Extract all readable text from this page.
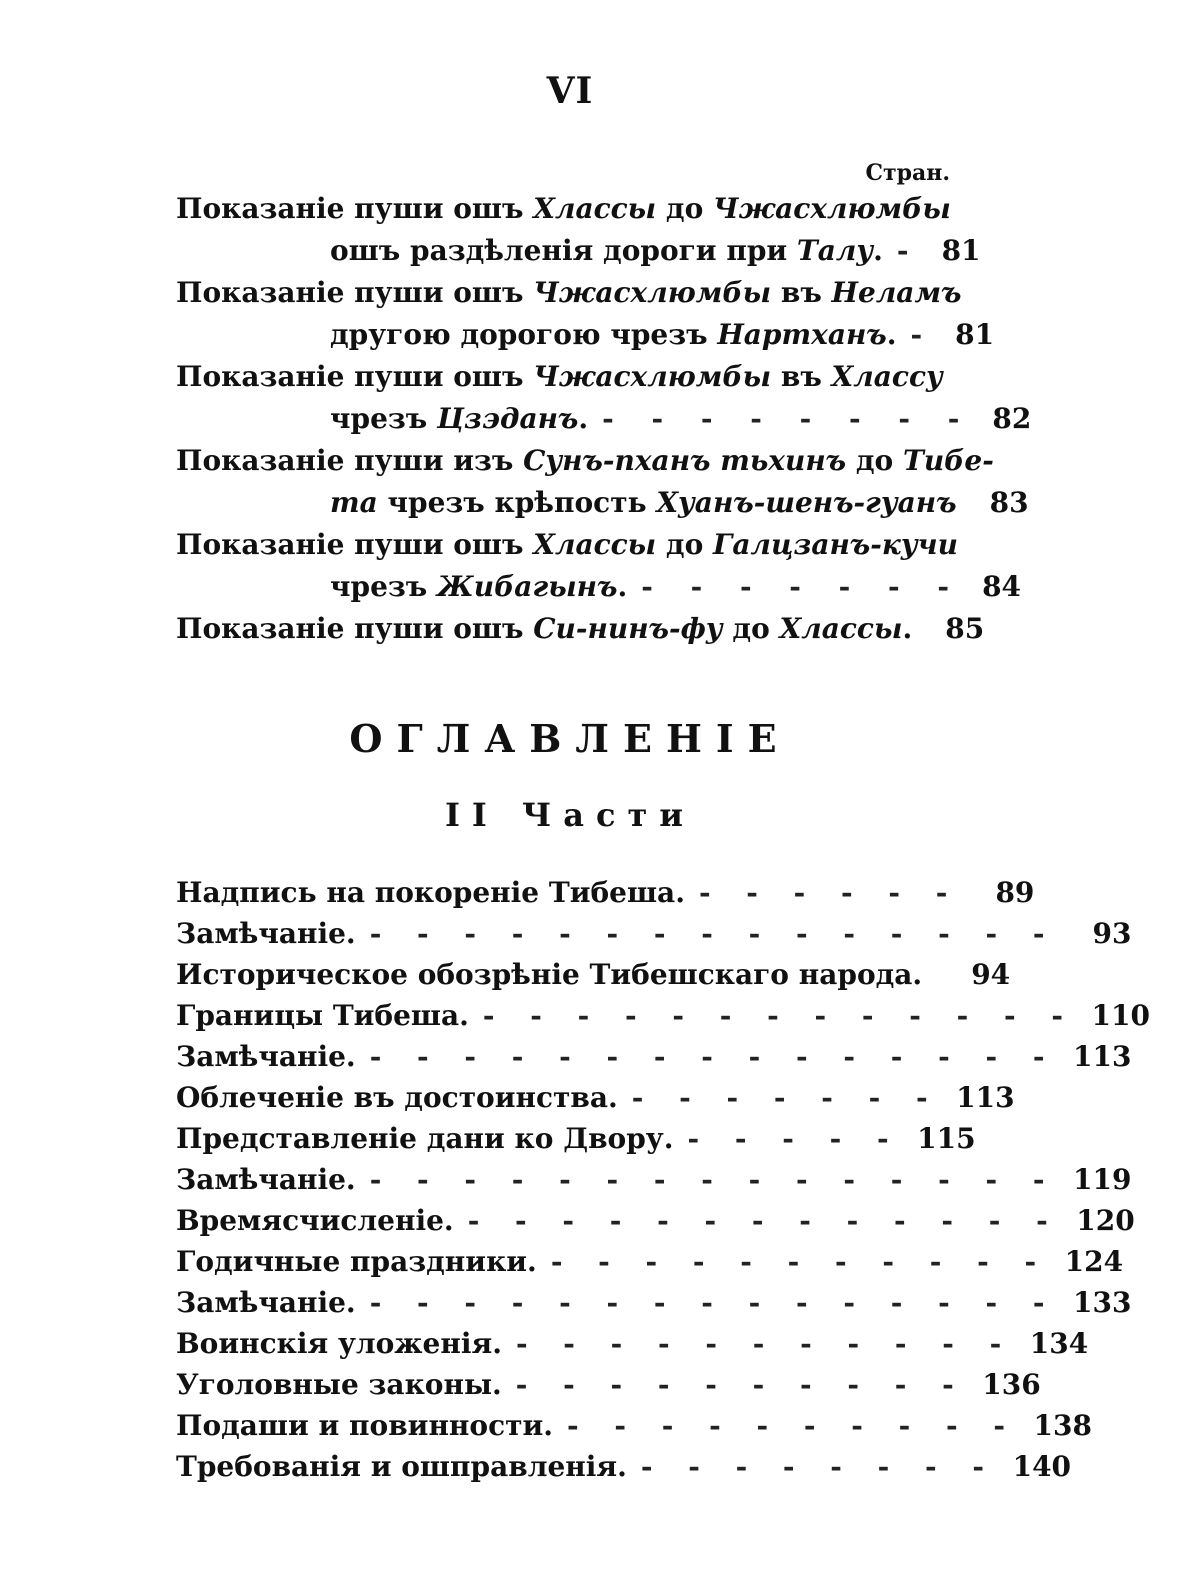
VI
Стран.
Показаніе пуши ошъ Хлассы до Чжасхлюмбы
ошъ раздѣленія дороги при Талу. - 81
Показаніе пуши ошъ Чжасхлюмбы въ Неламъ
другою дорогою чрезъ Нартханъ. - 81
Показаніе пуши ошъ Чжасхлюмбы въ Хлассу
чрезъ Цзэданъ. - - - - - - - - 82
Показаніе пуши изъ Сунъ-пханъ тьхинъ до Тибе-
та чрезъ крѣпость Хуанъ-шенъ-гуанъ	83
Показаніе пуши ошъ Хлассы до Галцзанъ-кучи
чрезъ Жибагынъ. - - - - - - - 84
Показаніе пуши ошъ Си-нинъ-фу до Хлассы.	85
ОГЛАВЛЕНІЕ
II Части
Надпись на покореніе Тибеша. - - - - - -	89
Замѣчаніе. - - - - - - - - - - - - - - -	93
Историческое обозрѣніе Тибешскаго народа.	94
Границы Тибеша. - - - - - - - - - - - - - 110
Замѣчаніе. - - - - - - - - - - - - - - - 113
Облеченіе въ достоинства. - - - - - - - 113
Представленіе дани ко Двору. - - - - - 115
Замѣчаніе. - - - - - - - - - - - - - - - 119
Времясчисленіе. - - - - - - - - - - - - - 120
Годичные праздники. - - - - - - - - - - - 124
Замѣчаніе. - - - - - - - - - - - - - - - 133
Воинскія уложенія. - - - - - - - - - - - 134
Уголовные законы. - - - - - - - - - - 136
Подаши и повинности. - - - - - - - - - - 138
Требованія и ошправленія. - - - - - - - - 140
